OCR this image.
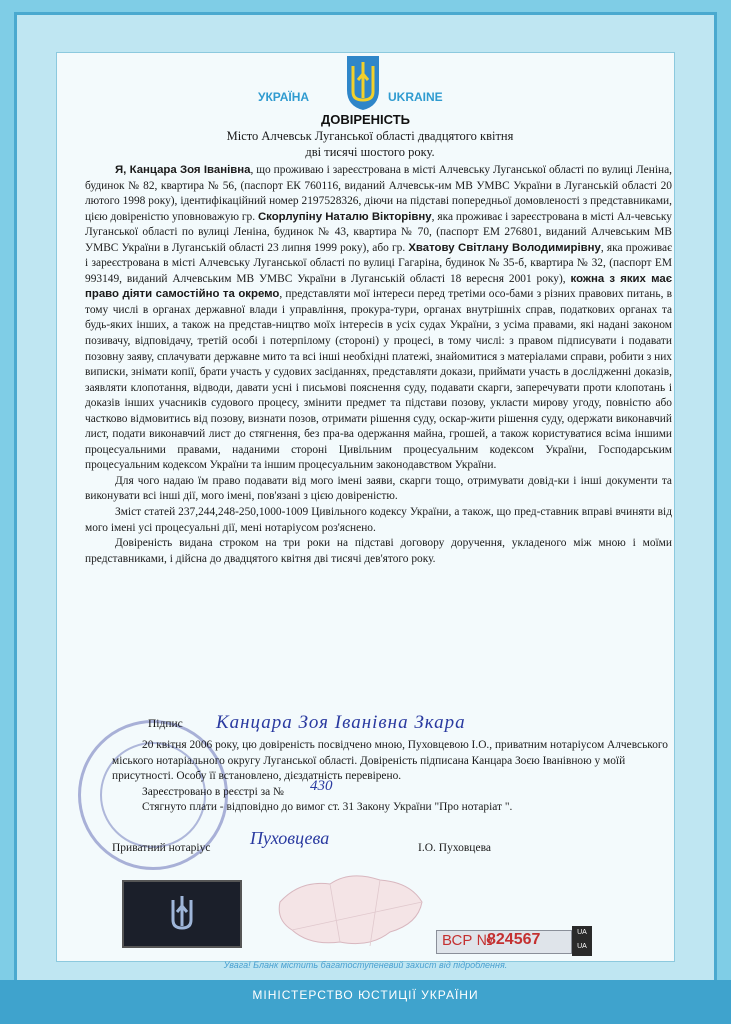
УКРАЇНА	UKRAINE
ДОВІРЕНІСТЬ
Місто Алчевськ Луганської області двадцятого квітня
дві тисячі шостого року.

Я, Канцара Зоя Іванівна, що проживаю і зареєстрована в місті Алчевську Луганської області по вулиці Леніна, будинок № 82, квартира № 56, (паспорт ЕК 760116, виданий Алчевськ-им МВ УМВС України в Луганській області 20 лютого 1998 року), ідентифікаційний номер 2197528326, діючи на підставі попередньої домовленості з представниками, цією довіреністю уповноважую гр. Скорлупіну Наталю Вікторівну, яка проживає і зареєстрована в місті Ал-чевську Луганської області по вулиці Леніна, будинок № 43, квартира № 70, (паспорт ЕМ 276801, виданий Алчевським МВ УМВС України в Луганській області 23 липня 1999 року), або гр. Хватову Світлану Володимирівну, яка проживає і зареєстрована в місті Алчевську Луганської області по вулиці Гагаріна, будинок № 35-б, квартира № 32, (паспорт ЕМ 993149, виданий Алчевським МВ УМВС України в Луганській області 18 вересня 2001 року), кожна з яких має право діяти самостійно та окремо, представляти мої інтереси перед третіми осо-бами з різних правових питань, в тому числі в органах державної влади і управління, прокура-тури, органах внутрішніх справ, податкових органах та будь-яких інших, а також на представ-ництво моїх інтересів в усіх судах України, з усіма правами, які надані законом позивачу, відповідачу, третій особі і потерпілому (стороні) у процесі, в тому числі: з правом підписувати і подавати позовну заяву, сплачувати державне мито та всі інші необхідні платежі, знайомитися з матеріалами справи, робити з них виписки, знімати копії, брати участь у судових засіданнях, представляти докази, приймати участь в дослідженні доказів, заявляти клопотання, відводи, давати усні і письмові пояснення суду, подавати скарги, заперечувати проти клопотань і доказів інших учасників судового процесу, змінити предмет та підстави позову, укласти мирову угоду, повністю або частково відмовитись від позову, визнати позов, отримати рішення суду, оскар-жити рішення суду, одержати виконавчий лист, подати виконавчий лист до стягнення, без пра-ва одержання майна, грошей, а також користуватися всіма іншими процесуальними правами, наданими стороні Цивільним процесуальним кодексом України, Господарським процесуальним кодексом України та іншим процесуальним законодавством України.

Для чого надаю їм право подавати від мого імені заяви, скарги тощо, отримувати довід-ки і інші документи та виконувати всі інші дії, мого імені, пов'язані з цією довіреністю.

Зміст статей 237,244,248-250,1000-1009 Цивільного кодексу України, а також, що пред-ставник вправі вчиняти від мого імені усі процесуальні дії, мені нотаріусом роз'яснено.

Довіреність видана строком на три роки на підставі договору доручення, укладеного між мною і моїми представниками, і дійсна до двадцятого квітня дві тисячі дев'ятого року.

Підпис Канцара Зоя Іванівна Зкара

20 квітня 2006 року, цю довіреність посвідчено мною, Пуховцевою І.О., приватним нотаріусом Алчевського міського нотаріального округу Луганської області. Довіреність підписана Канцара Зоєю Іванівною у моїй присутності. Особу її встановлено, дієздатність перевірено.

Зареєстровано в реєстрі за №

Стягнуто плати - відповідно до вимог ст. 31 Закону України "Про нотаріат ".

430
Приватний нотаріус Пуховцева	І.О. Пуховцева
ВСР №
824567	UA UA
Увага! Бланк містить багатоступеневий захист від підроблення.
МІНІСТЕРСТВО ЮСТИЦІЇ УКРАЇНИ
